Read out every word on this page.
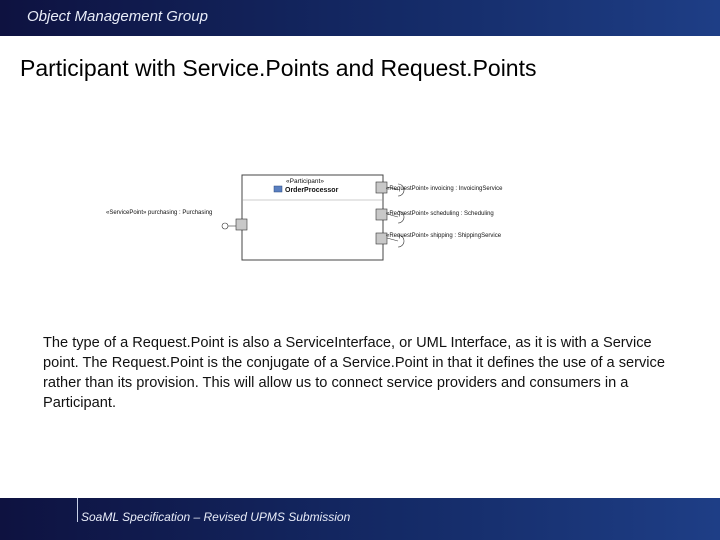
Object Management Group
Participant with Service.Points and Request.Points
«Participant»
OrderProcessor
«ServicePoint» purchasing : Purchasing
«RequestPoint» invoicing : InvoicingService
«RequestPoint» scheduling : Scheduling
«RequestPoint» shipping : ShippingService
The type of a Request.Point is also a ServiceInterface, or UML Interface, as it is with a Service point. The Request.Point is the conjugate of a Service.Point in that it defines the use of a service rather than its provision. This will allow us to connect service providers and consumers in a Participant.
SoaML Specification – Revised UPMS Submission
